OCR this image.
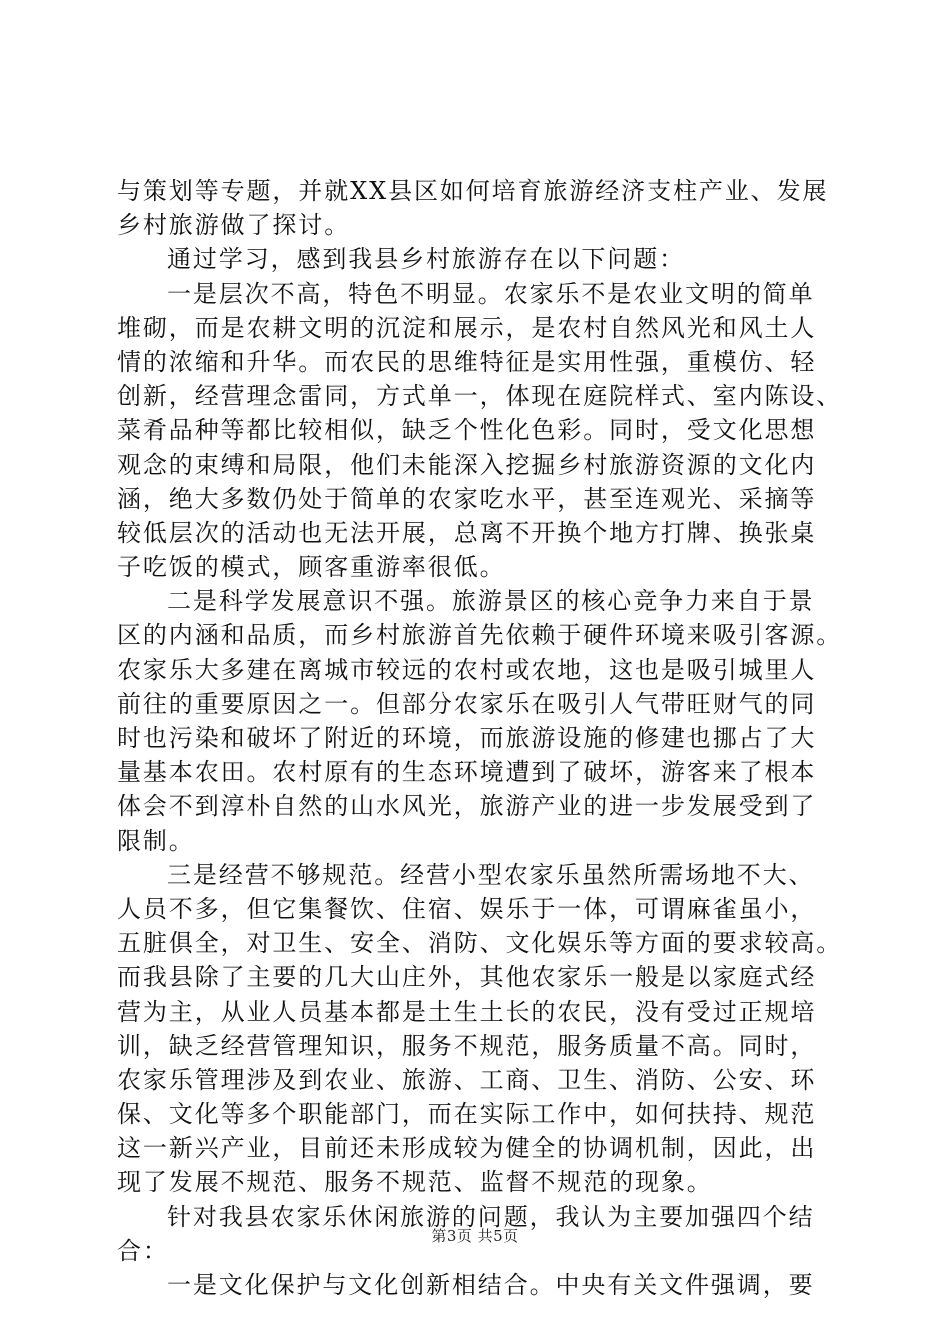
与策划等专题，并就XX县区如何培育旅游经济支柱产业、发展
乡村旅游做了探讨。
通过学习，感到我县乡村旅游存在以下问题：
一是层次不高，特色不明显。农家乐不是农业文明的简单
堆砌，而是农耕文明的沉淀和展示，是农村自然风光和风土人
情的浓缩和升华。而农民的思维特征是实用性强，重模仿、轻
创新，经营理念雷同，方式单一，体现在庭院样式、室内陈设、
菜肴品种等都比较相似，缺乏个性化色彩。同时，受文化思想
观念的束缚和局限，他们未能深入挖掘乡村旅游资源的文化内
涵，绝大多数仍处于简单的农家吃水平，甚至连观光、采摘等
较低层次的活动也无法开展，总离不开换个地方打牌、换张桌
子吃饭的模式，顾客重游率很低。
二是科学发展意识不强。旅游景区的核心竞争力来自于景
区的内涵和品质，而乡村旅游首先依赖于硬件环境来吸引客源。
农家乐大多建在离城市较远的农村或农地，这也是吸引城里人
前往的重要原因之一。但部分农家乐在吸引人气带旺财气的同
时也污染和破坏了附近的环境，而旅游设施的修建也挪占了大
量基本农田。农村原有的生态环境遭到了破坏，游客来了根本
体会不到淳朴自然的山水风光，旅游产业的进一步发展受到了
限制。
三是经营不够规范。经营小型农家乐虽然所需场地不大、
人员不多，但它集餐饮、住宿、娱乐于一体，可谓麻雀虽小，
五脏俱全，对卫生、安全、消防、文化娱乐等方面的要求较高。
而我县除了主要的几大山庄外，其他农家乐一般是以家庭式经
营为主，从业人员基本都是土生土长的农民，没有受过正规培
训，缺乏经营管理知识，服务不规范，服务质量不高。同时，
农家乐管理涉及到农业、旅游、工商、卫生、消防、公安、环
保、文化等多个职能部门，而在实际工作中，如何扶持、规范
这一新兴产业，目前还未形成较为健全的协调机制，因此，出
现了发展不规范、服务不规范、监督不规范的现象。
针对我县农家乐休闲旅游的问题，我认为主要加强四个结
合：
一是文化保护与文化创新相结合。中央有关文件强调，要
第3页 共5页
